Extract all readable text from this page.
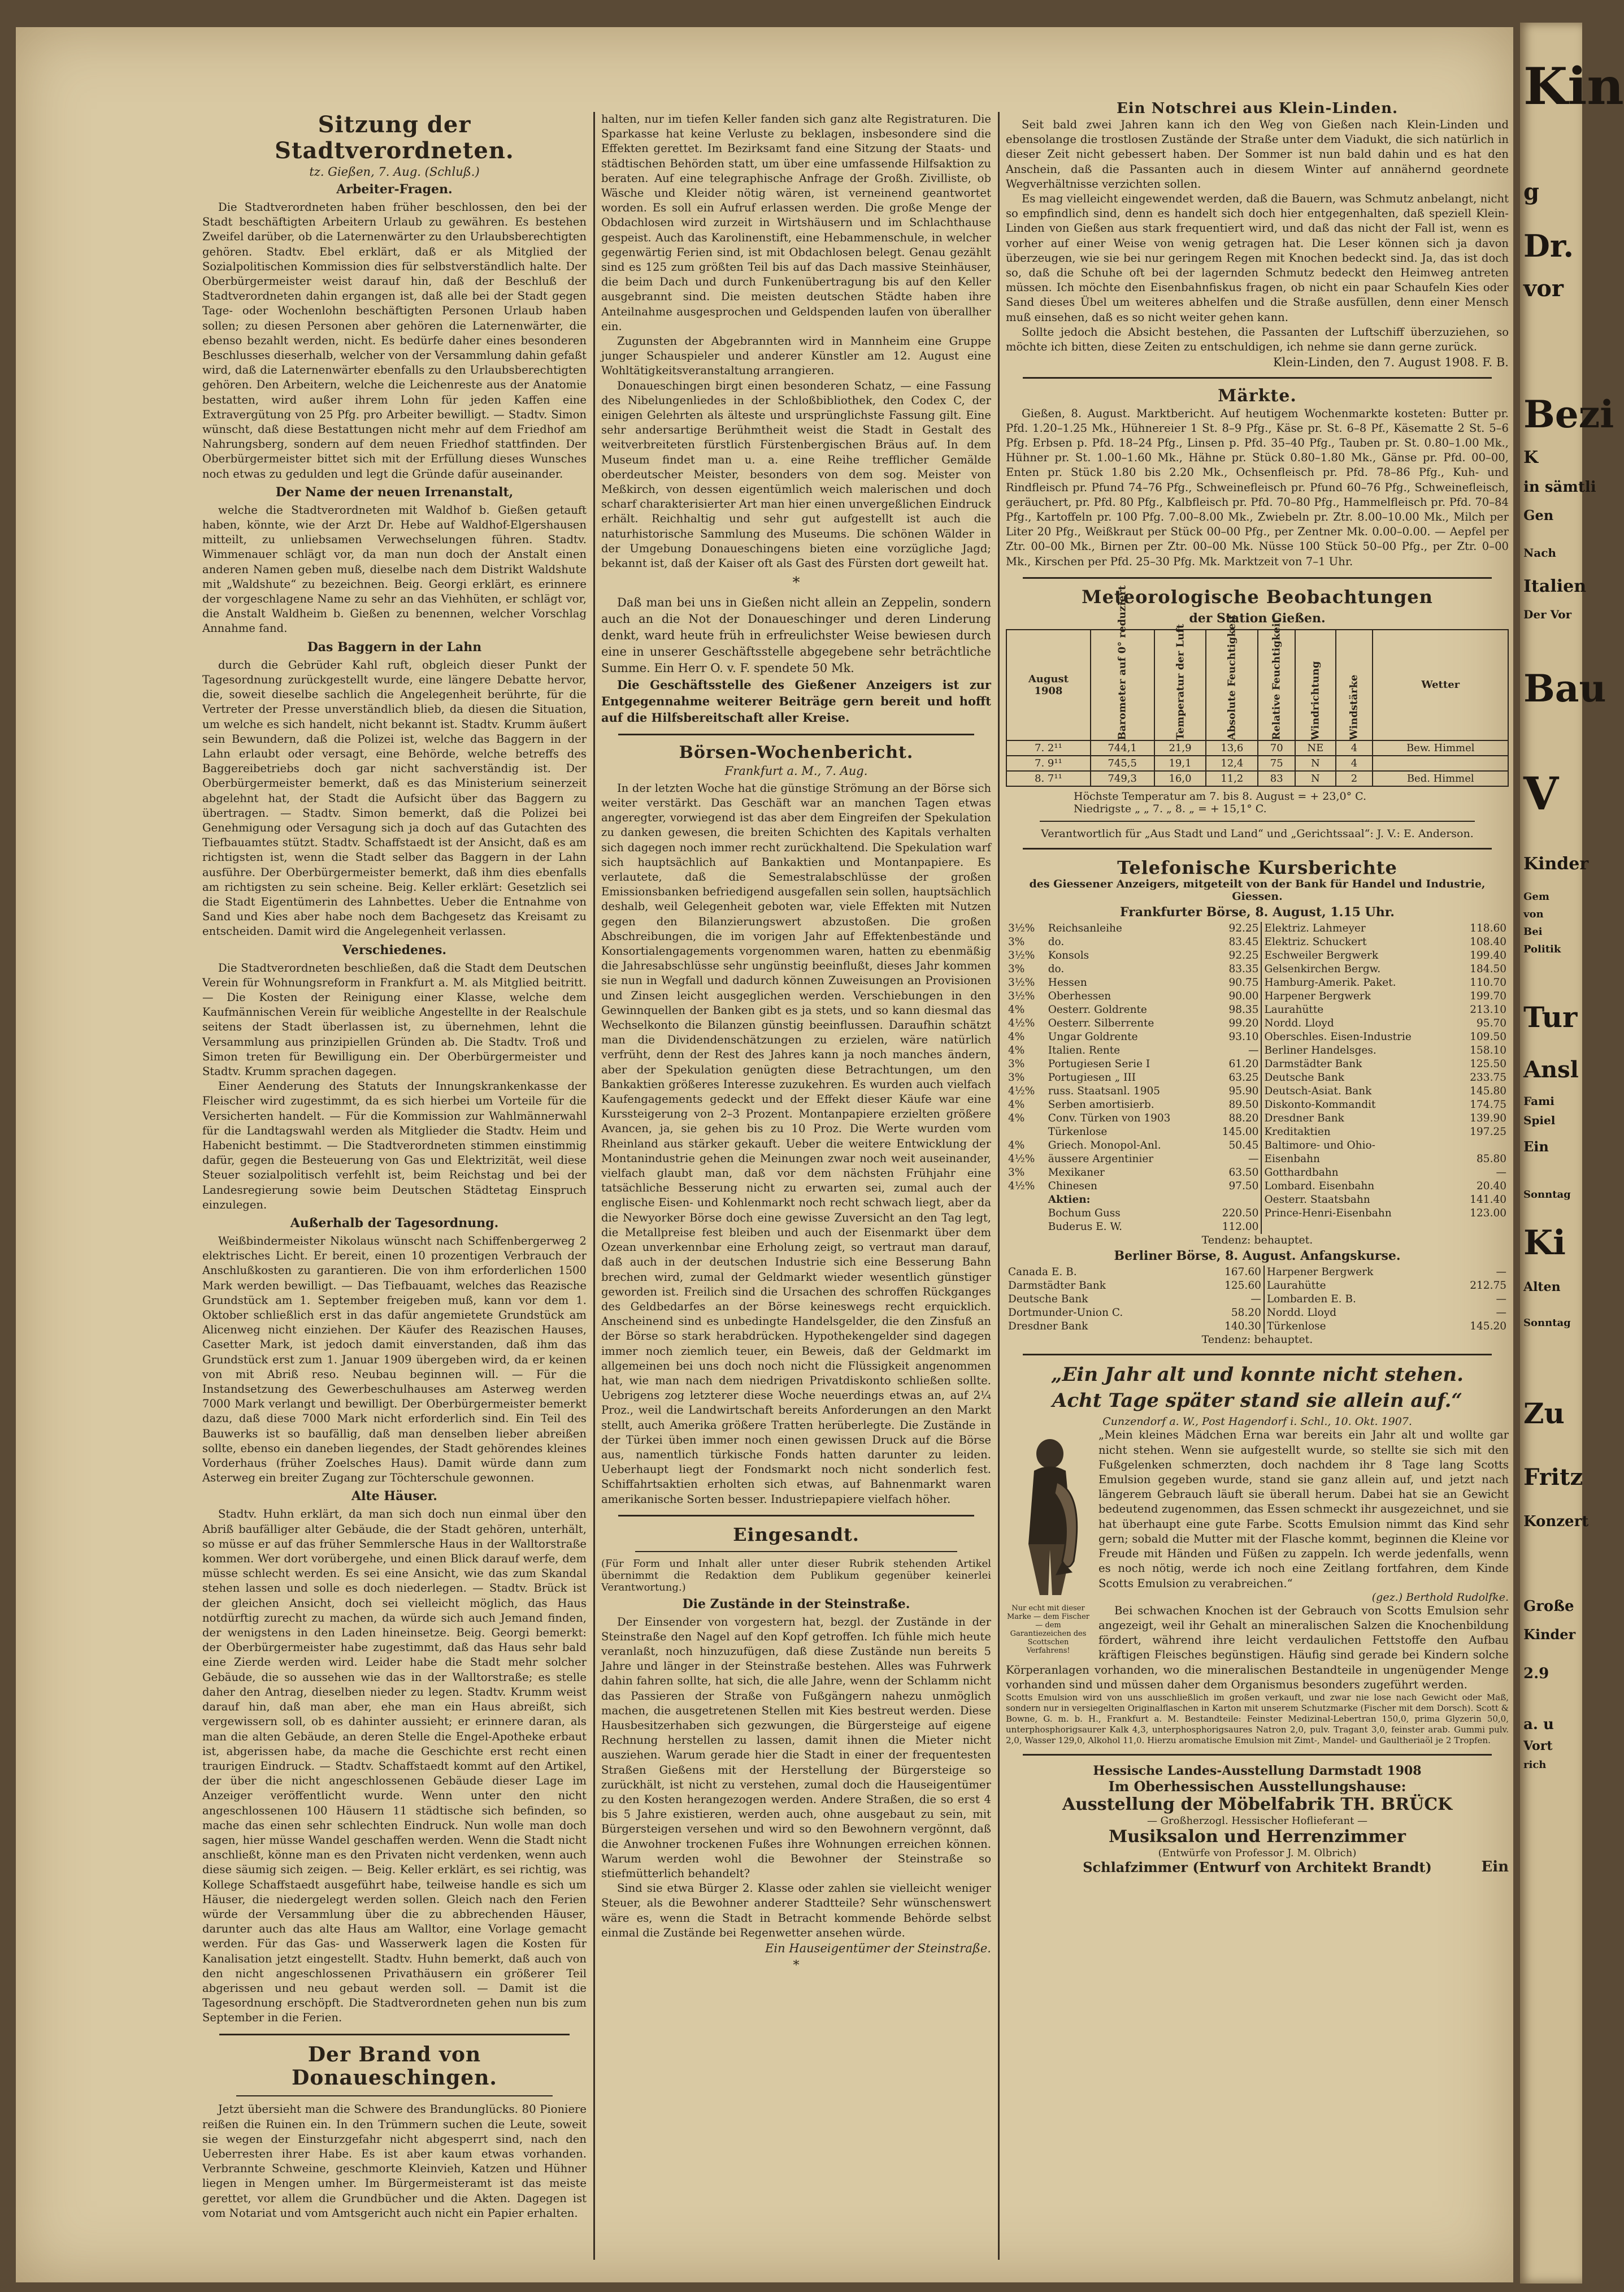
Sitzung der Stadtverordneten.
tz. Gießen, 7. Aug. (Schluß.)
Arbeiter-Fragen.

Die Stadtverordneten haben früher beschlossen, den bei der Stadt beschäftigten Arbeitern Urlaub zu gewähren. Es bestehen Zweifel darüber, ob die Laternenwärter zu den Urlaubsberechtigten gehören. Stadtv. Ebel erklärt, daß er als Mitglied der Sozialpolitischen Kommission dies für selbstverständlich halte. Der Oberbürgermeister weist darauf hin, daß der Beschluß der Stadtverordneten dahin ergangen ist, daß alle bei der Stadt gegen Tage- oder Wochenlohn beschäftigten Personen Urlaub haben sollen; zu diesen Personen aber gehören die Laternenwärter, die ebenso bezahlt werden, nicht. Es bedürfe daher eines besonderen Beschlusses dieserhalb, welcher von der Versammlung dahin gefaßt wird, daß die Laternenwärter ebenfalls zu den Urlaubsberechtigten gehören. Den Arbeitern, welche die Leichenreste aus der Anatomie bestatten, wird außer ihrem Lohn für jeden Kaffen eine Extravergütung von 25 Pfg. pro Arbeiter bewilligt. — Stadtv. Simon wünscht, daß diese Bestattungen nicht mehr auf dem Friedhof am Nahrungsberg, sondern auf dem neuen Friedhof stattfinden. Der Oberbürgermeister bittet sich mit der Erfüllung dieses Wunsches noch etwas zu gedulden und legt die Gründe dafür auseinander.

Der Name der neuen Irrenanstalt,

welche die Stadtverordneten mit Waldhof b. Gießen getauft haben, könnte, wie der Arzt Dr. Hebe auf Waldhof-Elgershausen mitteilt, zu unliebsamen Verwechselungen führen. Stadtv. Wimmenauer schlägt vor, da man nun doch der Anstalt einen anderen Namen geben muß, dieselbe nach dem Distrikt Waldshute mit „Waldshute“ zu bezeichnen. Beig. Georgi erklärt, es erinnere der vorgeschlagene Name zu sehr an das Viehhüten, er schlägt vor, die Anstalt Waldheim b. Gießen zu benennen, welcher Vorschlag Annahme fand.

Das Baggern in der Lahn

durch die Gebrüder Kahl ruft, obgleich dieser Punkt der Tagesordnung zurückgestellt wurde, eine längere Debatte hervor, die, soweit dieselbe sachlich die Angelegenheit berührte, für die Vertreter der Presse unverständlich blieb, da diesen die Situation, um welche es sich handelt, nicht bekannt ist. Stadtv. Krumm äußert sein Bewundern, daß die Polizei ist, welche das Baggern in der Lahn erlaubt oder versagt, eine Behörde, welche betreffs des Baggereibetriebs doch gar nicht sachverständig ist. Der Oberbürgermeister bemerkt, daß es das Ministerium seinerzeit abgelehnt hat, der Stadt die Aufsicht über das Baggern zu übertragen. — Stadtv. Simon bemerkt, daß die Polizei bei Genehmigung oder Versagung sich ja doch auf das Gutachten des Tiefbauamtes stützt. Stadtv. Schaffstaedt ist der Ansicht, daß es am richtigsten ist, wenn die Stadt selber das Baggern in der Lahn ausführe. Der Oberbürgermeister bemerkt, daß ihm dies ebenfalls am richtigsten zu sein scheine. Beig. Keller erklärt: Gesetzlich sei die Stadt Eigentümerin des Lahnbettes. Ueber die Entnahme von Sand und Kies aber habe noch dem Bachgesetz das Kreisamt zu entscheiden. Damit wird die Angelegenheit verlassen.

Verschiedenes.

Die Stadtverordneten beschließen, daß die Stadt dem Deutschen Verein für Wohnungsreform in Frankfurt a. M. als Mitglied beitritt. — Die Kosten der Reinigung einer Klasse, welche dem Kaufmännischen Verein für weibliche Angestellte in der Realschule seitens der Stadt überlassen ist, zu übernehmen, lehnt die Versammlung aus prinzipiellen Gründen ab. Die Stadtv. Troß und Simon treten für Bewilligung ein. Der Oberbürgermeister und Stadtv. Krumm sprachen dagegen.

Einer Aenderung des Statuts der Innungskrankenkasse der Fleischer wird zugestimmt, da es sich hierbei um Vorteile für die Versicherten handelt. — Für die Kommission zur Wahlmännerwahl für die Landtagswahl werden als Mitglieder die Stadtv. Heim und Habenicht bestimmt. — Die Stadtverordneten stimmen einstimmig dafür, gegen die Besteuerung von Gas und Elektrizität, weil diese Steuer sozialpolitisch verfehlt ist, beim Reichstag und bei der Landesregierung sowie beim Deutschen Städtetag Einspruch einzulegen.

Außerhalb der Tagesordnung.

Weißbindermeister Nikolaus wünscht nach Schiffenbergerweg 2 elektrisches Licht. Er bereit, einen 10 prozentigen Verbrauch der Anschlußkosten zu garantieren. Die von ihm erforderlichen 1500 Mark werden bewilligt. — Das Tiefbauamt, welches das Reazische Grundstück am 1. September freigeben muß, kann vor dem 1. Oktober schließlich erst in das dafür angemietete Grundstück am Alicenweg nicht einziehen. Der Käufer des Reazischen Hauses, Casetter Mark, ist jedoch damit einverstanden, daß ihm das Grundstück erst zum 1. Januar 1909 übergeben wird, da er keinen von mit Abriß reso. Neubau beginnen will. — Für die Instandsetzung des Gewerbeschulhauses am Asterweg werden 7000 Mark verlangt und bewilligt. Der Oberbürgermeister bemerkt dazu, daß diese 7000 Mark nicht erforderlich sind. Ein Teil des Bauwerks ist so baufällig, daß man denselben lieber abreißen sollte, ebenso ein daneben liegendes, der Stadt gehörendes kleines Vorderhaus (früher Zoelsches Haus). Damit würde dann zum Asterweg ein breiter Zugang zur Töchterschule gewonnen.

Alte Häuser.

Stadtv. Huhn erklärt, da man sich doch nun einmal über den Abriß baufälliger alter Gebäude, die der Stadt gehören, unterhält, so müsse er auf das früher Semmlersche Haus in der Walltorstraße kommen. Wer dort vorübergehe, und einen Blick darauf werfe, dem müsse schlecht werden. Es sei eine Ansicht, wie das zum Skandal stehen lassen und solle es doch niederlegen. — Stadtv. Brück ist der gleichen Ansicht, doch sei vielleicht möglich, das Haus notdürftig zurecht zu machen, da würde sich auch Jemand finden, der wenigstens in den Laden hineinsetze. Beig. Georgi bemerkt: der Oberbürgermeister habe zugestimmt, daß das Haus sehr bald eine Zierde werden wird. Leider habe die Stadt mehr solcher Gebäude, die so aussehen wie das in der Walltorstraße; es stelle daher den Antrag, dieselben nieder zu legen. Stadtv. Krumm weist darauf hin, daß man aber, ehe man ein Haus abreißt, sich vergewissern soll, ob es dahinter aussieht; er erinnere daran, als man die alten Gebäude, an deren Stelle die Engel-Apotheke erbaut ist, abgerissen habe, da mache die Geschichte erst recht einen traurigen Eindruck. — Stadtv. Schaffstaedt kommt auf den Artikel, der über die nicht angeschlossenen Gebäude dieser Lage im Anzeiger veröffentlicht wurde. Wenn unter den nicht angeschlossenen 100 Häusern 11 städtische sich befinden, so mache das einen sehr schlechten Eindruck. Nun wolle man doch sagen, hier müsse Wandel geschaffen werden. Wenn die Stadt nicht anschließt, könne man es den Privaten nicht verdenken, wenn auch diese säumig sich zeigen. — Beig. Keller erklärt, es sei richtig, was Kollege Schaffstaedt ausgeführt habe, teilweise handle es sich um Häuser, die niedergelegt werden sollen. Gleich nach den Ferien würde der Versammlung über die zu abbrechenden Häuser, darunter auch das alte Haus am Walltor, eine Vorlage gemacht werden. Für das Gas- und Wasserwerk lagen die Kosten für Kanalisation jetzt eingestellt. Stadtv. Huhn bemerkt, daß auch von den nicht angeschlossenen Privathäusern ein größerer Teil abgerissen und neu gebaut werden soll. — Damit ist die Tagesordnung erschöpft. Die Stadtverordneten gehen nun bis zum September in die Ferien.

Der Brand von Donaueschingen.

Jetzt übersieht man die Schwere des Brandunglücks. 80 Pioniere reißen die Ruinen ein. In den Trümmern suchen die Leute, soweit sie wegen der Einsturzgefahr nicht abgesperrt sind, nach den Ueberresten ihrer Habe. Es ist aber kaum etwas vorhanden. Verbrannte Schweine, geschmorte Kleinvieh, Katzen und Hühner liegen in Mengen umher. Im Bürgermeisteramt ist das meiste gerettet, vor allem die Grundbücher und die Akten. Dagegen ist vom Notariat und vom Amtsgericht auch nicht ein Papier erhalten.

halten, nur im tiefen Keller fanden sich ganz alte Registraturen. Die Sparkasse hat keine Verluste zu beklagen, insbesondere sind die Effekten gerettet. Im Bezirksamt fand eine Sitzung der Staats- und städtischen Behörden statt, um über eine umfassende Hilfsaktion zu beraten. Auf eine telegraphische Anfrage der Großh. Zivilliste, ob Wäsche und Kleider nötig wären, ist verneinend geantwortet worden. Es soll ein Aufruf erlassen werden. Die große Menge der Obdachlosen wird zurzeit in Wirtshäusern und im Schlachthause gespeist. Auch das Karolinenstift, eine Hebammenschule, in welcher gegenwärtig Ferien sind, ist mit Obdachlosen belegt. Genau gezählt sind es 125 zum größten Teil bis auf das Dach massive Steinhäuser, die beim Dach und durch Funkenübertragung bis auf den Keller ausgebrannt sind. Die meisten deutschen Städte haben ihre Anteilnahme ausgesprochen und Geldspenden laufen von überallher ein.

Zugunsten der Abgebrannten wird in Mannheim eine Gruppe junger Schauspieler und anderer Künstler am 12. August eine Wohltätigkeitsveranstaltung arrangieren.

Donaueschingen birgt einen besonderen Schatz, — eine Fassung des Nibelungenliedes in der Schloßbibliothek, den Codex C, der einigen Gelehrten als älteste und ursprünglichste Fassung gilt. Eine sehr andersartige Berühmtheit weist die Stadt in Gestalt des weitverbreiteten fürstlich Fürstenbergischen Bräus auf. In dem Museum findet man u. a. eine Reihe trefflicher Gemälde oberdeutscher Meister, besonders von dem sog. Meister von Meßkirch, von dessen eigentümlich weich malerischen und doch scharf charakterisierter Art man hier einen unvergeßlichen Eindruck erhält. Reichhaltig und sehr gut aufgestellt ist auch die naturhistorische Sammlung des Museums. Die schönen Wälder in der Umgebung Donaueschingens bieten eine vorzügliche Jagd; bekannt ist, daß der Kaiser oft als Gast des Fürsten dort geweilt hat.

*

Daß man bei uns in Gießen nicht allein an Zeppelin, sondern auch an die Not der Donaueschinger und deren Linderung denkt, ward heute früh in erfreulichster Weise bewiesen durch eine in unserer Geschäftsstelle abgegebene sehr beträchtliche Summe. Ein Herr O. v. F. spendete 50 Mk.

Die Geschäftsstelle des Gießener Anzeigers ist zur Entgegennahme weiterer Beiträge gern bereit und hofft auf die Hilfsbereitschaft aller Kreise.

Börsen-Wochenbericht.
Frankfurt a. M., 7. Aug.

In der letzten Woche hat die günstige Strömung an der Börse sich weiter verstärkt. Das Geschäft war an manchen Tagen etwas angeregter, vorwiegend ist das aber dem Eingreifen der Spekulation zu danken gewesen, die breiten Schichten des Kapitals verhalten sich dagegen noch immer recht zurückhaltend. Die Spekulation warf sich hauptsächlich auf Bankaktien und Montanpapiere. Es verlautete, daß die Semestralabschlüsse der großen Emissionsbanken befriedigend ausgefallen sein sollen, hauptsächlich deshalb, weil Gelegenheit geboten war, viele Effekten mit Nutzen gegen den Bilanzierungswert abzustoßen. Die großen Abschreibungen, die im vorigen Jahr auf Effektenbestände und Konsortialengagements vorgenommen waren, hatten zu ebenmäßig die Jahresabschlüsse sehr ungünstig beeinflußt, dieses Jahr kommen sie nun in Wegfall und dadurch können Zuweisungen an Provisionen und Zinsen leicht ausgeglichen werden. Verschiebungen in den Gewinnquellen der Banken gibt es ja stets, und so kann diesmal das Wechselkonto die Bilanzen günstig beeinflussen. Daraufhin schätzt man die Dividendenschätzungen zu erzielen, wäre natürlich verfrüht, denn der Rest des Jahres kann ja noch manches ändern, aber der Spekulation genügten diese Betrachtungen, um den Bankaktien größeres Interesse zuzukehren. Es wurden auch vielfach Kaufengagements gedeckt und der Effekt dieser Käufe war eine Kurssteigerung von 2–3 Prozent. Montanpapiere erzielten größere Avancen, ja, sie gehen bis zu 10 Proz. Die Werte wurden vom Rheinland aus stärker gekauft. Ueber die weitere Entwicklung der Montanindustrie gehen die Meinungen zwar noch weit auseinander, vielfach glaubt man, daß vor dem nächsten Frühjahr eine tatsächliche Besserung nicht zu erwarten sei, zumal auch der englische Eisen- und Kohlenmarkt noch recht schwach liegt, aber da die Newyorker Börse doch eine gewisse Zuversicht an den Tag legt, die Metallpreise fest bleiben und auch der Eisenmarkt über dem Ozean unverkennbar eine Erholung zeigt, so vertraut man darauf, daß auch in der deutschen Industrie sich eine Besserung Bahn brechen wird, zumal der Geldmarkt wieder wesentlich günstiger geworden ist. Freilich sind die Ursachen des schroffen Rückganges des Geldbedarfes an der Börse keineswegs recht erquicklich. Anscheinend sind es unbedingte Handelsgelder, die den Zinsfuß an der Börse so stark herabdrücken. Hypothekengelder sind dagegen immer noch ziemlich teuer, ein Beweis, daß der Geldmarkt im allgemeinen bei uns doch noch nicht die Flüssigkeit angenommen hat, wie man nach dem niedrigen Privatdiskonto schließen sollte. Uebrigens zog letzterer diese Woche neuerdings etwas an, auf 2¼ Proz., weil die Landwirtschaft bereits Anforderungen an den Markt stellt, auch Amerika größere Tratten herüberlegte. Die Zustände in der Türkei üben immer noch einen gewissen Druck auf die Börse aus, namentlich türkische Fonds hatten darunter zu leiden. Ueberhaupt liegt der Fondsmarkt noch nicht sonderlich fest. Schiffahrtsaktien erholten sich etwas, auf Bahnenmarkt waren amerikanische Sorten besser. Industriepapiere vielfach höher.

Eingesandt.

(Für Form und Inhalt aller unter dieser Rubrik stehenden Artikel übernimmt die Redaktion dem Publikum gegenüber keinerlei Verantwortung.)

Die Zustände in der Steinstraße.

Der Einsender von vorgestern hat, bezgl. der Zustände in der Steinstraße den Nagel auf den Kopf getroffen. Ich fühle mich heute veranlaßt, noch hinzuzufügen, daß diese Zustände nun bereits 5 Jahre und länger in der Steinstraße bestehen. Alles was Fuhrwerk dahin fahren sollte, hat sich, die alle Jahre, wenn der Schlamm nicht das Passieren der Straße von Fußgängern nahezu unmöglich machen, die ausgetretenen Stellen mit Kies bestreut werden. Diese Hausbesitzerhaben sich gezwungen, die Bürgersteige auf eigene Rechnung herstellen zu lassen, damit ihnen die Mieter nicht ausziehen. Warum gerade hier die Stadt in einer der frequentesten Straßen Gießens mit der Herstellung der Bürgersteige so zurückhält, ist nicht zu verstehen, zumal doch die Hauseigentümer zu den Kosten herangezogen werden. Andere Straßen, die so erst 4 bis 5 Jahre existieren, werden auch, ohne ausgebaut zu sein, mit Bürgersteigen versehen und wird so den Bewohnern vergönnt, daß die Anwohner trockenen Fußes ihre Wohnungen erreichen können. Warum werden wohl die Bewohner der Steinstraße so stiefmütterlich behandelt?

Sind sie etwa Bürger 2. Klasse oder zahlen sie vielleicht weniger Steuer, als die Bewohner anderer Stadtteile? Sehr wünschenswert wäre es, wenn die Stadt in Betracht kommende Behörde selbst einmal die Zustände bei Regenwetter ansehen würde.

Ein Hauseigentümer der Steinstraße.
*
Ein Notschrei aus Klein-Linden.

Seit bald zwei Jahren kann ich den Weg von Gießen nach Klein-Linden und ebensolange die trostlosen Zustände der Straße unter dem Viadukt, die sich natürlich in dieser Zeit nicht gebessert haben. Der Sommer ist nun bald dahin und es hat den Anschein, daß die Passanten auch in diesem Winter auf annähernd geordnete Wegverhältnisse verzichten sollen.

Es mag vielleicht eingewendet werden, daß die Bauern, was Schmutz anbelangt, nicht so empfindlich sind, denn es handelt sich doch hier entgegenhalten, daß speziell Klein-Linden von Gießen aus stark frequentiert wird, und daß das nicht der Fall ist, wenn es vorher auf einer Weise von wenig getragen hat. Die Leser können sich ja davon überzeugen, wie sie bei nur geringem Regen mit Knochen bedeckt sind. Ja, das ist doch so, daß die Schuhe oft bei der lagernden Schmutz bedeckt den Heimweg antreten müssen. Ich möchte den Eisenbahnfiskus fragen, ob nicht ein paar Schaufeln Kies oder Sand dieses Übel um weiteres abhelfen und die Straße ausfüllen, denn einer Mensch muß einsehen, daß es so nicht weiter gehen kann.

Sollte jedoch die Absicht bestehen, die Passanten der Luftschiff überzuziehen, so möchte ich bitten, diese Zeiten zu entschuldigen, ich nehme sie dann gerne zurück.

Klein-Linden, den 7. August 1908. F. B.
Märkte.

Gießen, 8. August. Marktbericht. Auf heutigem Wochenmarkte kosteten: Butter pr. Pfd. 1.20–1.25 Mk., Hühnereier 1 St. 8–9 Pfg., Käse pr. St. 6–8 Pf., Käsematte 2 St. 5–6 Pfg. Erbsen p. Pfd. 18–24 Pfg., Linsen p. Pfd. 35–40 Pfg., Tauben pr. St. 0.80–1.00 Mk., Hühner pr. St. 1.00–1.60 Mk., Hähne pr. Stück 0.80–1.80 Mk., Gänse pr. Pfd. 00–00, Enten pr. Stück 1.80 bis 2.20 Mk., Ochsenfleisch pr. Pfd. 78–86 Pfg., Kuh- und Rindfleisch pr. Pfund 74–76 Pfg., Schweinefleisch pr. Pfund 60–76 Pfg., Schweinefleisch, geräuchert, pr. Pfd. 80 Pfg., Kalbfleisch pr. Pfd. 70–80 Pfg., Hammelfleisch pr. Pfd. 70–84 Pfg., Kartoffeln pr. 100 Pfg. 7.00–8.00 Mk., Zwiebeln pr. Ztr. 8.00–10.00 Mk., Milch per Liter 20 Pfg., Weißkraut per Stück 00–00 Pfg., per Zentner Mk. 0.00–0.00. — Aepfel per Ztr. 00–00 Mk., Birnen per Ztr. 00–00 Mk. Nüsse 100 Stück 50–00 Pfg., per Ztr. 0–00 Mk., Kirschen per Pfd. 25–30 Pfg. Mk. Marktzeit von 7–1 Uhr.

Meteorologische Beobachtungen
der Station Gießen.
August
1908	Barometer auf 0° reduziert	Temperatur der Luft	Absolute Feuchtigkeit	Relative Feuchtigkeit	Windrichtung	Windstärke	Wetter
7. 2¹¹	744,1	21,9	13,6	70	NE	4	Bew. Himmel
7. 9¹¹	745,5	19,1	12,4	75	N	4	
8. 7¹¹	749,3	16,0	11,2	83	N	2	Bed. Himmel
Höchste Temperatur am 7. bis 8. August = + 23,0° C.
Niedrigste „ „ 7. „ 8. „ = + 15,1° C.
Verantwortlich für „Aus Stadt und Land“ und „Gerichtssaal“: J. V.: E. Anderson.
Telefonische Kursberichte
des Giessener Anzeigers, mitgeteilt von der Bank für Handel und Industrie, Giessen.
Frankfurter Börse, 8. August, 1.15 Uhr.
3½%	Reichsanleihe	92.25	Elektriz. Lahmeyer	118.60
3%	do.	83.45	Elektriz. Schuckert	108.40
3½%	Konsols	92.25	Eschweiler Bergwerk	199.40
3%	do.	83.35	Gelsenkirchen Bergw.	184.50
3½%	Hessen	90.75	Hamburg-Amerik. Paket.	110.70
3½%	Oberhessen	90.00	Harpener Bergwerk	199.70
4%	Oesterr. Goldrente	98.35	Laurahütte	213.10
4½%	Oesterr. Silberrente	99.20	Nordd. Lloyd	95.70
4%	Ungar Goldrente	93.10	Oberschles. Eisen-Industrie	109.50
4%	Italien. Rente	—	Berliner Handelsges.	158.10
3%	Portugiesen Serie I	61.20	Darmstädter Bank	125.50
3%	Portugiesen „ III	63.25	Deutsche Bank	233.75
4½%	russ. Staatsanl. 1905	95.90	Deutsch-Asiat. Bank	145.80
4%	Serben amortisierb.	89.50	Diskonto-Kommandit	174.75
4%	Conv. Türken von 1903	88.20	Dresdner Bank	139.90
	Türkenlose	145.00	Kreditaktien	197.25
4%	Griech. Monopol-Anl.	50.45	Baltimore- und Ohio-	
4½%	äussere Argentinier	—	Eisenbahn	85.80
3%	Mexikaner	63.50	Gotthardbahn	—
4½%	Chinesen	97.50	Lombard. Eisenbahn	20.40
	Aktien:		Oesterr. Staatsbahn	141.40
	Bochum Guss	220.50	Prince-Henri-Eisenbahn	123.00
	Buderus E. W.	112.00		
Tendenz: behauptet.
Berliner Börse, 8. August. Anfangskurse.
Canada E. B.	167.60	Harpener Bergwerk	—
Darmstädter Bank	125.60	Laurahütte	212.75
Deutsche Bank	—	Lombarden E. B.	—
Dortmunder-Union C.	58.20	Nordd. Lloyd	—
Dresdner Bank	140.30	Türkenlose	145.20
Tendenz: behauptet.
„Ein Jahr alt und konnte nicht stehen.
Acht Tage später stand sie allein auf.“
Cunzendorf a. W., Post Hagendorf i. Schl., 10. Okt. 1907.

„Mein kleines Mädchen Erna war bereits ein Jahr alt und wollte gar nicht stehen. Wenn sie aufgestellt wurde, so stellte sie sich mit den Fußgelenken schmerzten, doch nachdem ihr 8 Tage lang Scotts Emulsion gegeben wurde, stand sie ganz allein auf, und jetzt nach längerem Gebrauch läuft sie überall herum. Dabei hat sie an Gewicht bedeutend zugenommen, das Essen schmeckt ihr ausgezeichnet, und sie hat überhaupt eine gute Farbe. Scotts Emulsion nimmt das Kind sehr gern; sobald die Mutter mit der Flasche kommt, beginnen die Kleine vor Freude mit Händen und Füßen zu zappeln. Ich werde jedenfalls, wenn es noch nötig, werde ich noch eine Zeitlang fortfahren, dem Kinde Scotts Emulsion zu verabreichen.“

(gez.) Berthold Rudolfke.
Nur echt mit dieser Marke — dem Fischer — dem Garantiezeichen des Scottschen Verfahrens!

Bei schwachen Knochen ist der Gebrauch von Scotts Emulsion sehr angezeigt, weil ihr Gehalt an mineralischen Salzen die Knochenbildung fördert, während ihre leicht verdaulichen Fettstoffe den Aufbau kräftigen Fleisches begünstigen. Häufig sind gerade bei Kindern solche Körperanlagen vorhanden, wo die mineralischen Bestandteile in ungenügender Menge vorhanden sind und müssen daher dem Organismus besonders zugeführt werden.

Scotts Emulsion wird von uns ausschließlich im großen verkauft, und zwar nie lose nach Gewicht oder Maß, sondern nur in versiegelten Originalflaschen in Karton mit unserem Schutzmarke (Fischer mit dem Dorsch). Scott & Bowne, G. m. b. H., Frankfurt a. M. Bestandteile: Feinster Medizinal-Lebertran 150,0, prima Glyzerin 50,0, unterphosphorigsaurer Kalk 4,3, unterphosphorigsaures Natron 2,0, pulv. Tragant 3,0, feinster arab. Gummi pulv. 2,0, Wasser 129,0, Alkohol 11,0. Hierzu aromatische Emulsion mit Zimt-, Mandel- und Gaultheriaöl je 2 Tropfen.

Hessische Landes-Ausstellung Darmstadt 1908
Im Oberhessischen Ausstellungshause:
Ausstellung der Möbelfabrik TH. BRÜCK
— Großherzogl. Hessischer Hoflieferant —
Musiksalon und Herrenzimmer
(Entwürfe von Professor J. M. Olbrich)
Schlafzimmer (Entwurf von Architekt Brandt)	Ein
Kin
g
Dr.
vor
Bezi
K
in sämtli
Gen
Nach
Italien
Der Vor
Bau
V
Kinder
Gem
von
Bei
Politik
Tur
Ansl
Fami
Spiel
Ein
Sonntag
Ki
Alten
Sonntag
Zu
Fritz
Konzert
Große
Kinder
2.9
a. u
Vort
rich
